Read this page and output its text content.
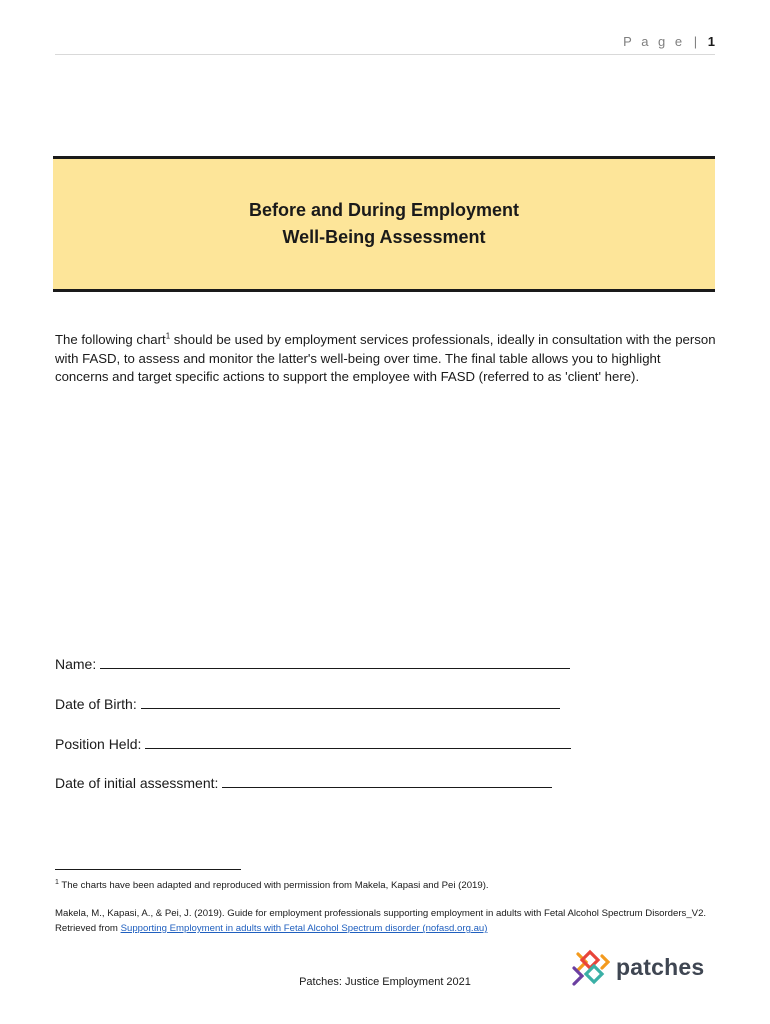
P a g e | 1
Before and During Employment
Well-Being Assessment
The following chart$^1$ should be used by employment services professionals, ideally in consultation with the person with FASD, to assess and monitor the latter's well-being over time. The final table allows you to highlight concerns and target specific actions to support the employee with FASD (referred to as 'client' here).
Name:
Date of Birth:
Position Held:
Date of initial assessment:
$^1$ The charts have been adapted and reproduced with permission from Makela, Kapasi and Pei (2019).
Makela, M., Kapasi, A., & Pei, J. (2019). Guide for employment professionals supporting employment in adults with Fetal Alcohol Spectrum Disorders_V2. Retrieved from Supporting Employment in adults with Fetal Alcohol Spectrum disorder (nofasd.org.au)
patches
Patches: Justice Employment 2021
